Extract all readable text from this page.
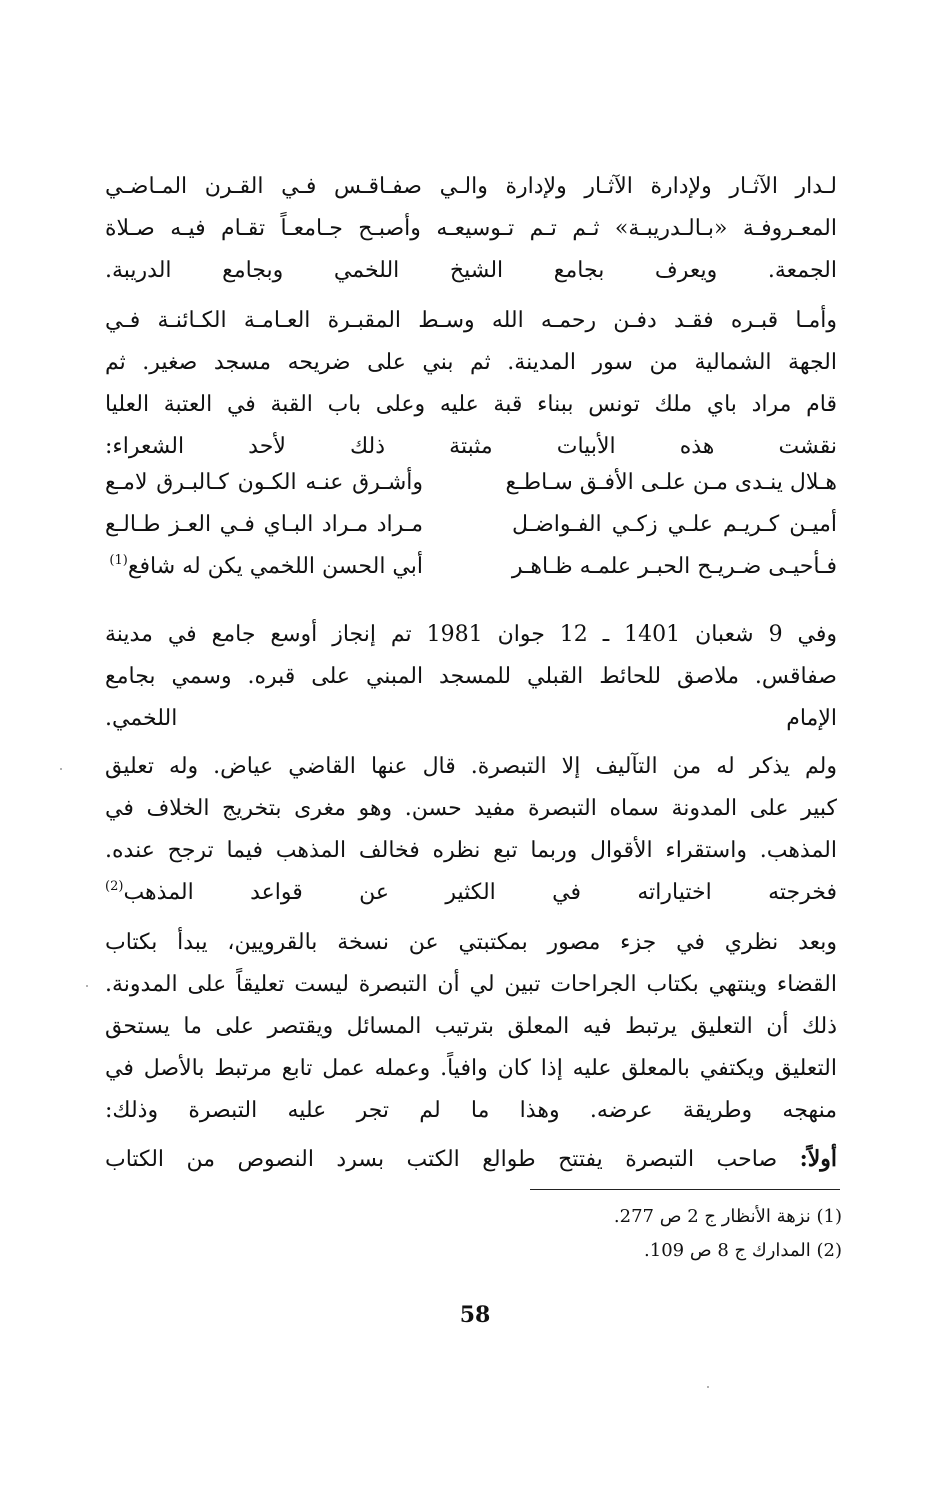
لـدار الآثـار ولإدارة الآثـار ولإدارة والـي صفـاقـس فـي القـرن المـاضـي
المعـروفـة «بـالـدريبـة» ثـم تـم تـوسيعـه وأصبـح جـامعـاً تقـام فيـه صـلاة
الجمعة. ويعرف بجامع الشيخ اللخمي وبجامع الدريبة.
وأمـا قبـره فقـد دفـن رحمـه الله وسـط المقبـرة العـامـة الكـائنـة فـي
الجهة الشمالية من سور المدينة. ثم بني على ضريحه مسجد صغير. ثم
قام مراد باي ملك تونس ببناء قبة عليه وعلى باب القبة في العتبة العليا
نقشت هذه الأبيات مثبتة ذلك لأحد الشعراء:
هـلال ينـدى مـن علـى الأفـق سـاطـع
وأشـرق عنـه الكـون كـالبـرق لامـع
أميـن كـريـم علـي زكـي الفـواضـل
مـراد مـراد البـاي فـي العـز طـالـع
فـأحيـى ضـريـح الحبـر علمـه ظـاهـر
أبي الحسن اللخمي يكن له شافع$^{(1)}$
وفي 9 شعبان 1401 ـ 12 جوان 1981 تم إنجاز أوسع جامع في مدينة
صفاقس. ملاصق للحائط القبلي للمسجد المبني على قبره. وسمي بجامع
الإمام اللخمي.
ولم يذكر له من التآليف إلا التبصرة. قال عنها القاضي عياض. وله تعليق
كبير على المدونة سماه التبصرة مفيد حسن. وهو مغرى بتخريج الخلاف في
المذهب. واستقراء الأقوال وربما تبع نظره فخالف المذهب فيما ترجح عنده.
فخرجته اختياراته في الكثير عن قواعد المذهب$^{(2)}$
وبعد نظري في جزء مصور بمكتبتي عن نسخة بالقرويين، يبدأ بكتاب
القضاء وينتهي بكتاب الجراحات تبين لي أن التبصرة ليست تعليقاً على المدونة.
ذلك أن التعليق يرتبط فيه المعلق بترتيب المسائل ويقتصر على ما يستحق
التعليق ويكتفي بالمعلق عليه إذا كان وافياً. وعمله عمل تابع مرتبط بالأصل في
منهجه وطريقة عرضه. وهذا ما لم تجر عليه التبصرة وذلك:
أولاً: صاحب التبصرة يفتتح طوالع الكتب بسرد النصوص من الكتاب
(1) نزهة الأنظار ج 2 ص 277.
(2) المدارك ج 8 ص 109.
58
